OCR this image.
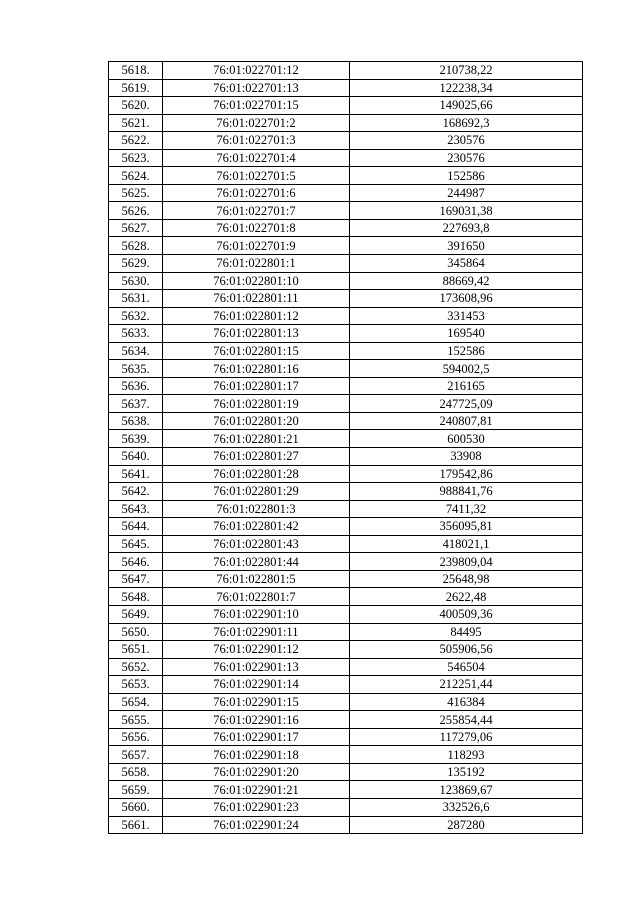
5618.	76:01:022701:12	210738,22
5619.	76:01:022701:13	122238,34
5620.	76:01:022701:15	149025,66
5621.	76:01:022701:2	168692,3
5622.	76:01:022701:3	230576
5623.	76:01:022701:4	230576
5624.	76:01:022701:5	152586
5625.	76:01:022701:6	244987
5626.	76:01:022701:7	169031,38
5627.	76:01:022701:8	227693,8
5628.	76:01:022701:9	391650
5629.	76:01:022801:1	345864
5630.	76:01:022801:10	88669,42
5631.	76:01:022801:11	173608,96
5632.	76:01:022801:12	331453
5633.	76:01:022801:13	169540
5634.	76:01:022801:15	152586
5635.	76:01:022801:16	594002,5
5636.	76:01:022801:17	216165
5637.	76:01:022801:19	247725,09
5638.	76:01:022801:20	240807,81
5639.	76:01:022801:21	600530
5640.	76:01:022801:27	33908
5641.	76:01:022801:28	179542,86
5642.	76:01:022801:29	988841,76
5643.	76:01:022801:3	7411,32
5644.	76:01:022801:42	356095,81
5645.	76:01:022801:43	418021,1
5646.	76:01:022801:44	239809,04
5647.	76:01:022801:5	25648,98
5648.	76:01:022801:7	2622,48
5649.	76:01:022901:10	400509,36
5650.	76:01:022901:11	84495
5651.	76:01:022901:12	505906,56
5652.	76:01:022901:13	546504
5653.	76:01:022901:14	212251,44
5654.	76:01:022901:15	416384
5655.	76:01:022901:16	255854,44
5656.	76:01:022901:17	117279,06
5657.	76:01:022901:18	118293
5658.	76:01:022901:20	135192
5659.	76:01:022901:21	123869,67
5660.	76:01:022901:23	332526,6
5661.	76:01:022901:24	287280
